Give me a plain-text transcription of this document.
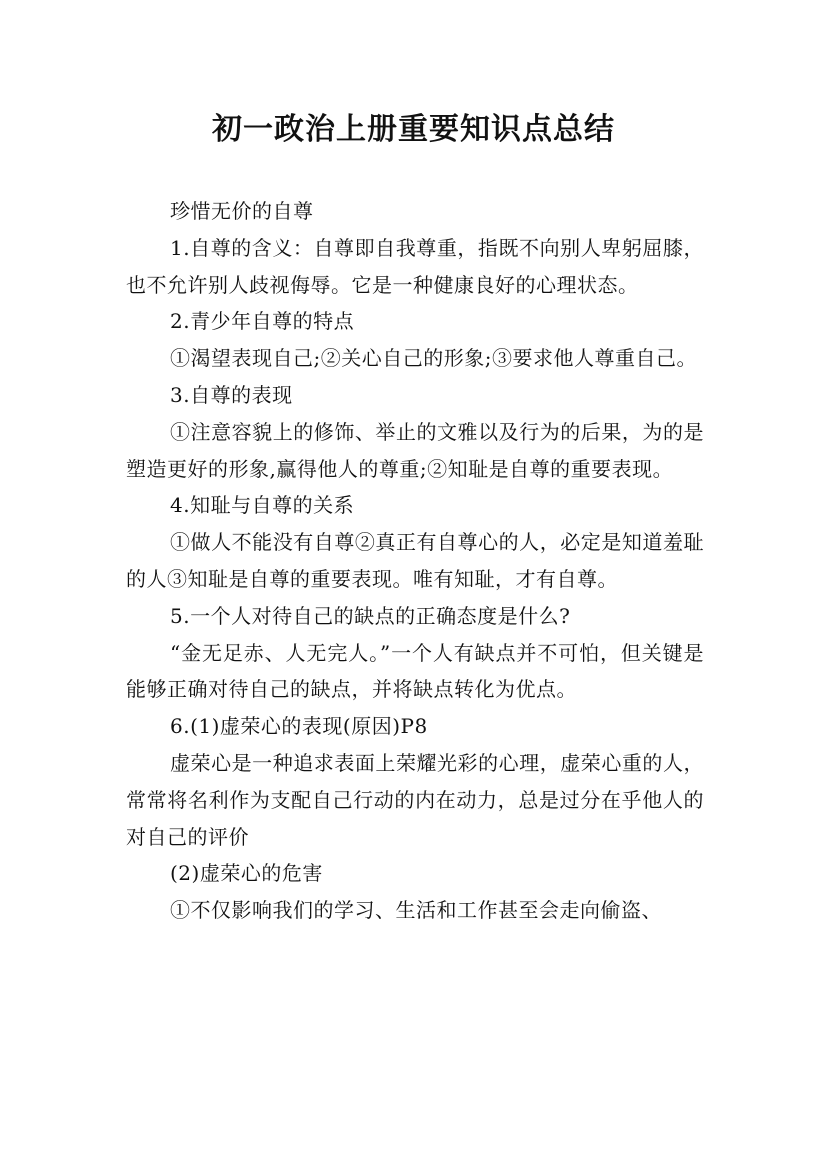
初一政治上册重要知识点总结

珍惜无价的自尊

1.自尊的含义：自尊即自我尊重，指既不向别人卑躬屈膝，也不允许别人歧视侮辱。它是一种健康良好的心理状态。

2.青少年自尊的特点

①渴望表现自己;②关心自己的形象;③要求他人尊重自己。

3.自尊的表现

①注意容貌上的修饰、举止的文雅以及行为的后果，为的是塑造更好的形象,赢得他人的尊重;②知耻是自尊的重要表现。

4.知耻与自尊的关系

①做人不能没有自尊②真正有自尊心的人，必定是知道羞耻的人③知耻是自尊的重要表现。唯有知耻，才有自尊。

5.一个人对待自己的缺点的正确态度是什么?

“金无足赤、人无完人。”一个人有缺点并不可怕，但关键是能够正确对待自己的缺点，并将缺点转化为优点。

6.(1)虚荣心的表现(原因)P8

虚荣心是一种追求表面上荣耀光彩的心理，虚荣心重的人，常常将名利作为支配自己行动的内在动力，总是过分在乎他人的对自己的评价

(2)虚荣心的危害

①不仅影响我们的学习、生活和工作甚至会走向偷盗、
